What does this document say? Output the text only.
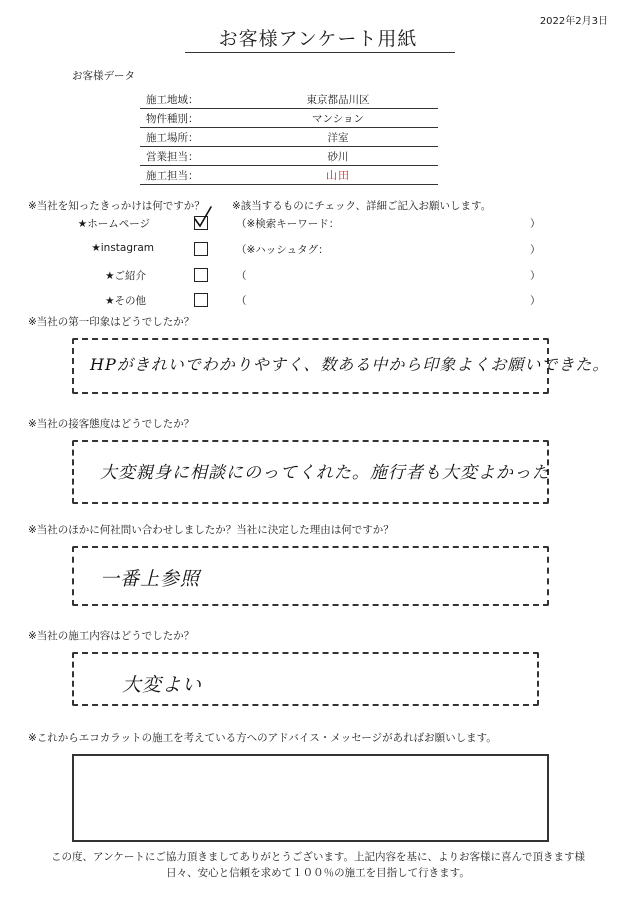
2022年2月3日
お客様アンケート用紙
お客様データ
施工地域：	東京都品川区
物件種別：	マンション
施工場所：	洋室
営業担当：	砂川
施工担当：	山田
※当社を知ったきっかけは何ですか？	※該当するものにチェック、詳細ご記入お願いします。
★ホームページ	（※検索キーワード：	）
★instagram	（※ハッシュタグ：	）
★ご紹介	（	）
★その他	（	）
※当社の第一印象はどうでしたか？
HPがきれいでわかりやすく、数ある中から印象よくお願いできた。
※当社の接客態度はどうでしたか？
大変親身に相談にのってくれた。施行者も大変よかった
※当社のほかに何社問い合わせしましたか？当社に決定した理由は何ですか？
一番上参照
※当社の施工内容はどうでしたか？
大変よい
※これからエコカラットの施工を考えている方へのアドバイス・メッセージがあればお願いします。
この度、アンケートにご協力頂きましてありがとうございます。上記内容を基に、よりお客様に喜んで頂きます様
日々、安心と信頼を求めて１００％の施工を目指して行きます。
